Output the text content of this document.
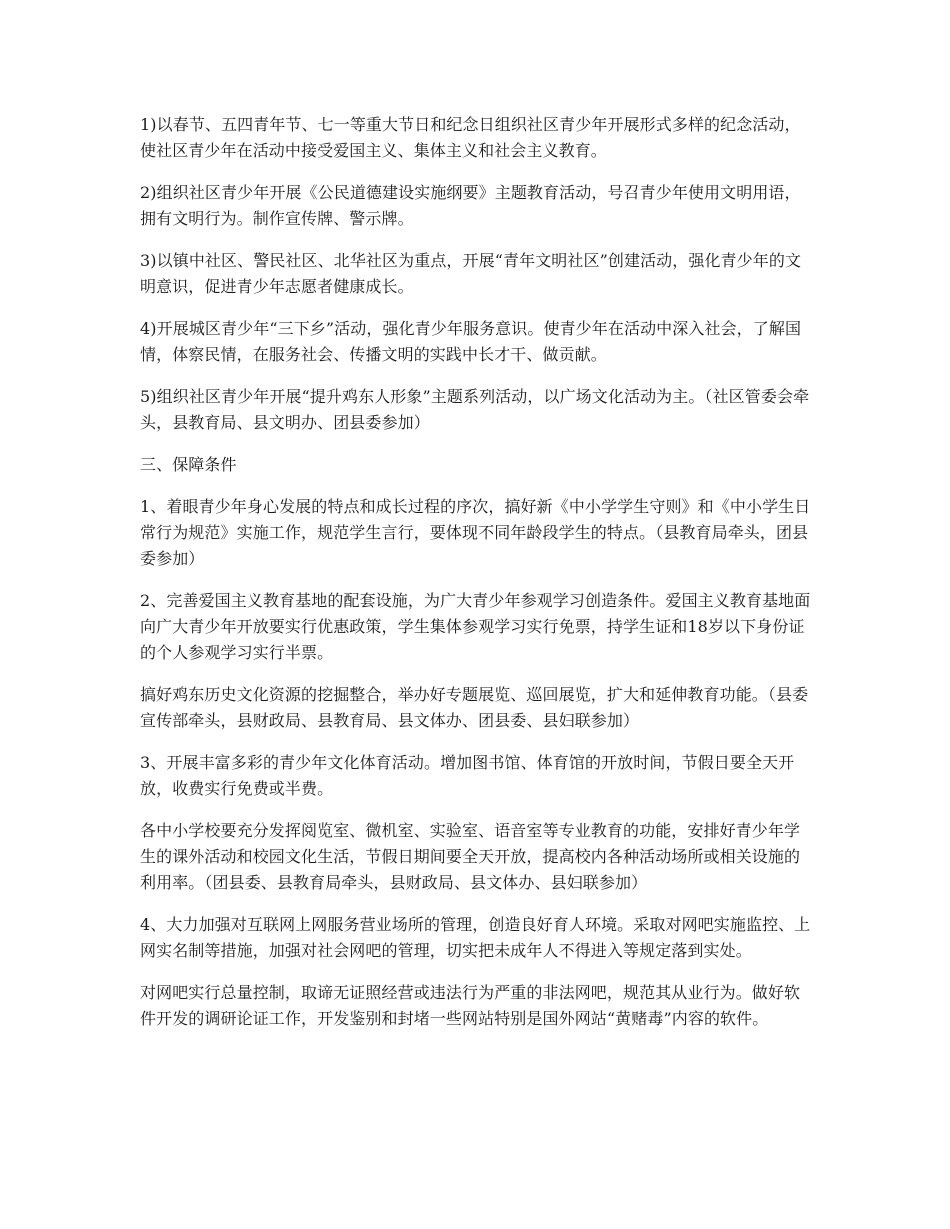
1)以春节、五四青年节、七一等重大节日和纪念日组织社区青少年开展形式多样的纪念活动，使社区青少年在活动中接受爱国主义、集体主义和社会主义教育。

2)组织社区青少年开展《公民道德建设实施纲要》主题教育活动，号召青少年使用文明用语，拥有文明行为。制作宣传牌、警示牌。

3)以镇中社区、警民社区、北华社区为重点，开展“青年文明社区”创建活动，强化青少年的文明意识，促进青少年志愿者健康成长。

4)开展城区青少年“三下乡”活动，强化青少年服务意识。使青少年在活动中深入社会，了解国情，体察民情，在服务社会、传播文明的实践中长才干、做贡献。

5)组织社区青少年开展“提升鸡东人形象”主题系列活动，以广场文化活动为主。（社区管委会牵头，县教育局、县文明办、团县委参加）

三、保障条件

1、着眼青少年身心发展的特点和成长过程的序次，搞好新《中小学学生守则》和《中小学生日常行为规范》实施工作，规范学生言行，要体现不同年龄段学生的特点。（县教育局牵头，团县委参加）

2、完善爱国主义教育基地的配套设施，为广大青少年参观学习创造条件。爱国主义教育基地面向广大青少年开放要实行优惠政策，学生集体参观学习实行免票，持学生证和18岁以下身份证的个人参观学习实行半票。

搞好鸡东历史文化资源的挖掘整合，举办好专题展览、巡回展览，扩大和延伸教育功能。（县委宣传部牵头，县财政局、县教育局、县文体办、团县委、县妇联参加）

3、开展丰富多彩的青少年文化体育活动。增加图书馆、体育馆的开放时间，节假日要全天开放，收费实行免费或半费。

各中小学校要充分发挥阅览室、微机室、实验室、语音室等专业教育的功能，安排好青少年学生的课外活动和校园文化生活，节假日期间要全天开放，提高校内各种活动场所或相关设施的利用率。（团县委、县教育局牵头，县财政局、县文体办、县妇联参加）

4、大力加强对互联网上网服务营业场所的管理，创造良好育人环境。采取对网吧实施监控、上网实名制等措施，加强对社会网吧的管理，切实把未成年人不得进入等规定落到实处。

对网吧实行总量控制，取谛无证照经营或违法行为严重的非法网吧，规范其从业行为。做好软件开发的调研论证工作，开发鉴别和封堵一些网站特别是国外网站“黄赌毒”内容的软件。
